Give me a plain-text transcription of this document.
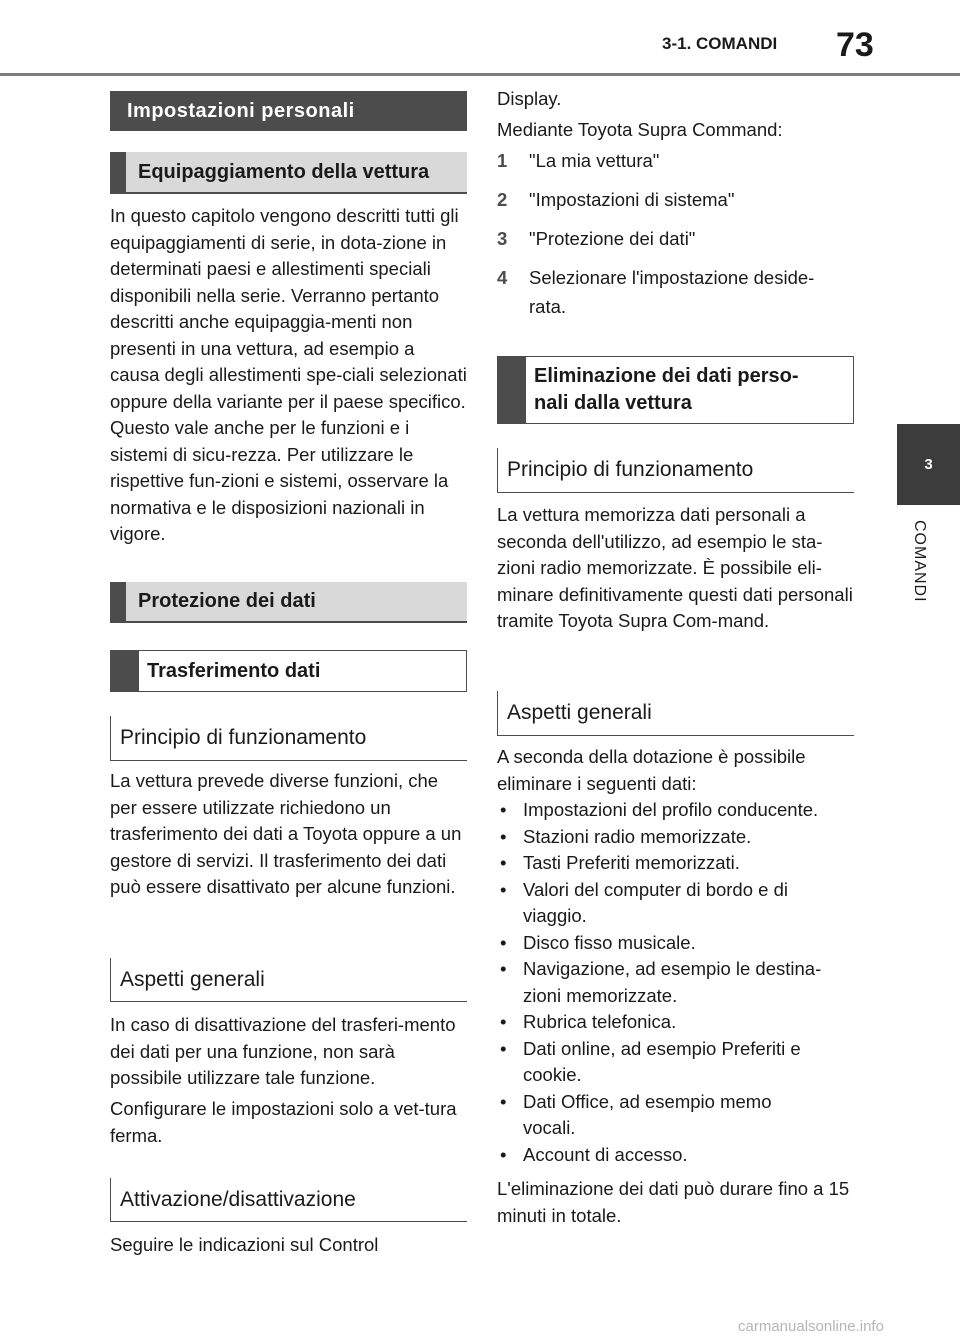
3-1. COMANDI 73
3
COMANDI
Impostazioni personali
Equipaggiamento della vettura
In questo capitolo vengono descritti tutti gli equipaggiamenti di serie, in dota-zione in determinati paesi e allestimenti speciali disponibili nella serie. Verranno pertanto descritti anche equipaggia-menti non presenti in una vettura, ad esempio a causa degli allestimenti spe-ciali selezionati oppure della variante per il paese specifico. Questo vale anche per le funzioni e i sistemi di sicu-rezza. Per utilizzare le rispettive fun-zioni e sistemi, osservare la normativa e le disposizioni nazionali in vigore.
Protezione dei dati
Trasferimento dati
Principio di funzionamento
La vettura prevede diverse funzioni, che per essere utilizzate richiedono un trasferimento dei dati a Toyota oppure a un gestore di servizi. Il trasferimento dei dati può essere disattivato per alcune funzioni.
Aspetti generali
In caso di disattivazione del trasferi-mento dei dati per una funzione, non sarà possibile utilizzare tale funzione.
Configurare le impostazioni solo a vet-tura ferma.
Attivazione/disattivazione
Seguire le indicazioni sul Control
Display.
Mediante Toyota Supra Command:
1	"La mia vettura"
2	"Impostazioni di sistema"
3	"Protezione dei dati"
4	Selezionare l'impostazione deside-rata.
Eliminazione dei dati perso-nali dalla vettura
Principio di funzionamento
La vettura memorizza dati personali a seconda dell'utilizzo, ad esempio le sta-zioni radio memorizzate. È possibile eli-minare definitivamente questi dati personali tramite Toyota Supra Com-mand.
Aspetti generali
A seconda della dotazione è possibile eliminare i seguenti dati:
• Impostazioni del profilo conducente.
• Stazioni radio memorizzate.
• Tasti Preferiti memorizzati.
• Valori del computer di bordo e di viaggio.
• Disco fisso musicale.
• Navigazione, ad esempio le destina-zioni memorizzate.
• Rubrica telefonica.
• Dati online, ad esempio Preferiti e cookie.
• Dati Office, ad esempio memo vocali.
• Account di accesso.
L'eliminazione dei dati può durare fino a 15 minuti in totale.
carmanualsonline.info
